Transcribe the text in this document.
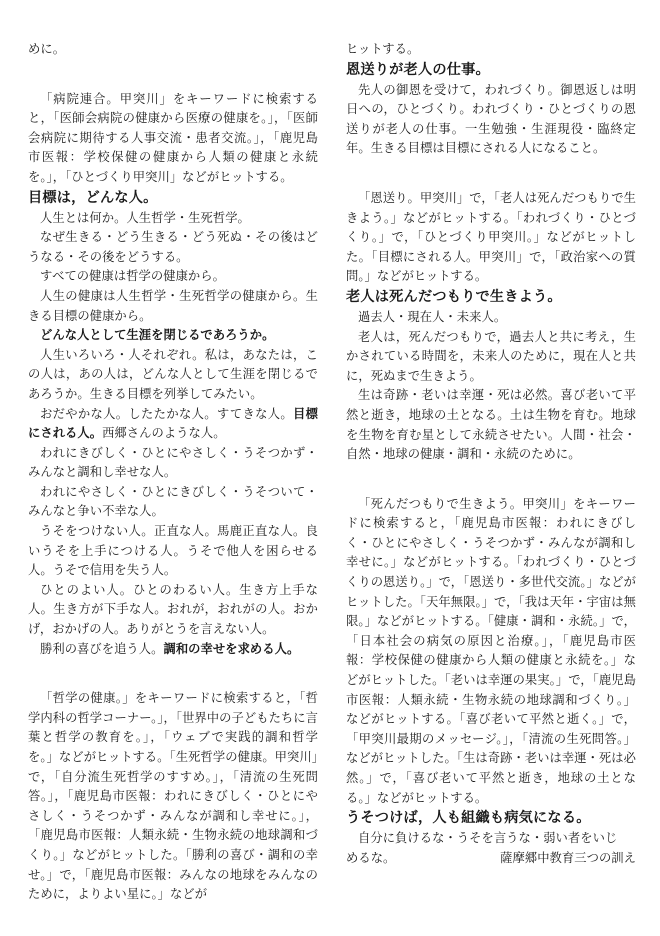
めに。

「病院連合。甲突川」をキーワードに検索すると，「医師会病院の健康から医療の健康を。」，「医師会病院に期待する人事交流・患者交流。」，「鹿児島市医報：学校保健の健康から人類の健康と永続を。」，「ひとづくり甲突川」などがヒットする。

目標は，どんな人。

人生とは何か。人生哲学・生死哲学。

なぜ生きる・どう生きる・どう死ぬ・その後はどうなる・その後をどうする。

すべての健康は哲学の健康から。

人生の健康は人生哲学・生死哲学の健康から。生きる目標の健康から。

どんな人として生涯を閉じるであろうか。

人生いろいろ・人それぞれ。私は，あなたは，この人は，あの人は，どんな人として生涯を閉じるであろうか。生きる目標を列挙してみたい。

おだやかな人。したたかな人。すてきな人。目標にされる人。西郷さんのような人。

われにきびしく・ひとにやさしく・うそつかず・みんなと調和し幸せな人。

われにやさしく・ひとにきびしく・うそついて・みんなと争い不幸な人。

うそをつけない人。正直な人。馬鹿正直な人。良いうそを上手につける人。うそで他人を困らせる人。うそで信用を失う人。

ひとのよい人。ひとのわるい人。生き方上手な人。生き方が下手な人。おれが，おれがの人。おかげ，おかげの人。ありがとうを言えない人。

勝利の喜びを追う人。調和の幸せを求める人。

「哲学の健康。」をキーワードに検索すると，「哲学内科の哲学コーナー。」，「世界中の子どもたちに言葉と哲学の教育を。」，「ウェブで実践的調和哲学を。」などがヒットする。「生死哲学の健康。甲突川」で，「自分流生死哲学のすすめ。」，「清流の生死問答。」，「鹿児島市医報：われにきびしく・ひとにやさしく・うそつかず・みんなが調和し幸せに。」，「鹿児島市医報：人類永続・生物永続の地球調和づくり。」などがヒットした。「勝利の喜び・調和の幸せ。」で，「鹿児島市医報：みんなの地球をみんなのために，よりよい星に。」などが

ヒットする。

恩送りが老人の仕事。

先人の御恩を受けて，われづくり。御恩返しは明日への，ひとづくり。われづくり・ひとづくりの恩送りが老人の仕事。一生勉強・生涯現役・臨終定年。生きる目標は目標にされる人になること。

「恩送り。甲突川」で，「老人は死んだつもりで生きよう。」などがヒットする。「われづくり・ひとづくり。」で，「ひとづくり甲突川。」などがヒットした。「目標にされる人。甲突川」で，「政治家への質問。」などがヒットする。

老人は死んだつもりで生きよう。

過去人・現在人・未来人。

老人は，死んだつもりで，過去人と共に考え，生かされている時間を，未来人のために，現在人と共に，死ぬまで生きよう。

生は奇跡・老いは幸運・死は必然。喜び老いて平然と逝き，地球の土となる。土は生物を育む。地球を生物を育む星として永続させたい。人間・社会・自然・地球の健康・調和・永続のために。

「死んだつもりで生きよう。甲突川」をキーワードに検索すると，「鹿児島市医報：われにきびしく・ひとにやさしく・うそつかず・みんなが調和し幸せに。」などがヒットする。「われづくり・ひとづくりの恩送り。」で，「恩送り・多世代交流。」などがヒットした。「天年無限。」で，「我は天年・宇宙は無限。」などがヒットする。「健康・調和・永続。」で，「日本社会の病気の原因と治療。」，「鹿児島市医報：学校保健の健康から人類の健康と永続を。」などがヒットした。「老いは幸運の果実。」で，「鹿児島市医報：人類永続・生物永続の地球調和づくり。」などがヒットする。「喜び老いて平然と逝く。」で，「甲突川最期のメッセージ。」，「清流の生死問答。」などがヒットした。「生は奇跡・老いは幸運・死は必然。」で，「喜び老いて平然と逝き，地球の土となる。」などがヒットする。

うそつけば，人も組織も病気になる。

自分に負けるな・うそを言うな・弱い者をいじ

めるな。	薩摩郷中教育三つの訓え
